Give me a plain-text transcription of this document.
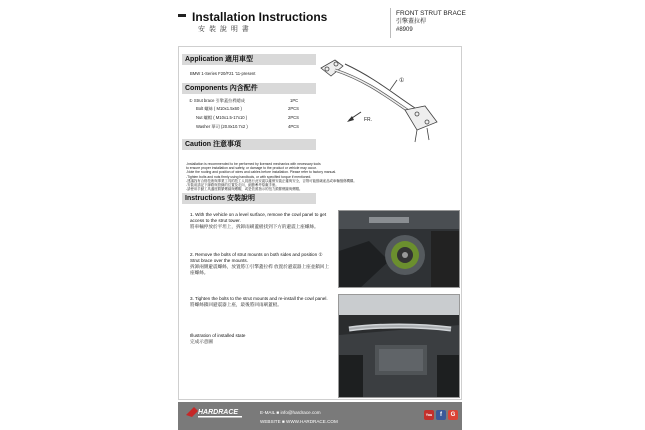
Installation Instructions
安 裝 說 明 書
FRONT STRUT BRACE
引擎蓋拉桿
#8909
Application 適用車型
BMW 1-Series F20/F21 '11-present
Components 內含配件
① Strut brace 引擎蓋拉桿總成	1PC
Bolt 螺絲 ( M10x1.5x60 )	2PCS
Nut 螺帽 ( M10x1.5-17x10 )	2PCS
Washer 華司 (20.8x10.7x2 )	4PCS
①
FR.
Caution 注意事項
-Installation is recommended to be performed by licensed mechanics with necessary tools
to ensure proper installation and safety, or damage to the product or vehicle may occur.
-Note the routing and position of wires and cables before installation. Please refer to factory manual.
-Tighten bolts and nuts firmly using handtools, or with specified torque if mentioned.
-建議找有合格技術與專業工具的技工人員進行此安裝以確保安裝正確與安全，否則可能損壞產品或車輛損傷機構。
-安裝前請記下線路與管線的位置及走向，細節參考原廠手冊。
-請使用手動工具適度鎖緊螺絲與螺帽，或是依照指示的扭力鎖緊螺絲與螺帽。
Instructions 安裝說明
1. With the vehicle on a level surface, remove the cowl panel to get access to the strut tower.
將車輛停放於平坦上，拆卸雨刷蓋板找到下方的避震上座螺絲。
2. Remove the bolts of strut mounts on both sides and position ① Strut brace over the mounts.
拆卸兩側避震螺絲，放置將①引擎蓋拉桿 放置於避震器上座並鎖回上座螺絲。
3. Tighten the bolts to the strut mounts and re-install the cowl panel.
將螺絲鎖回避震器上座，最後將回雨刷蓋板。
Illustration of installed state
完成示意圖
HARDRACE	E-MAIL ■ info@hardrace.com
WEBSITE ■ WWW.HARDRACE.COM
You	f	G
